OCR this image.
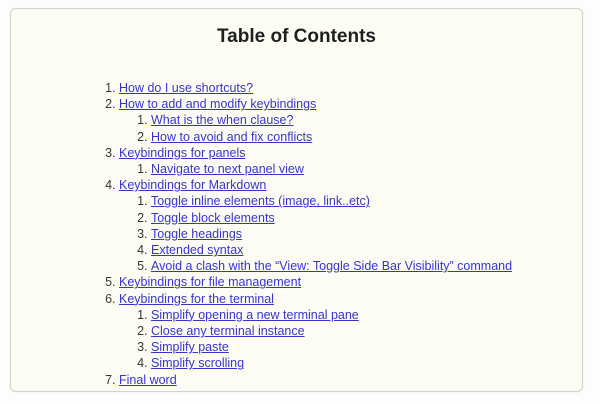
Table of Contents
1. How do I use shortcuts?
2. How to add and modify keybindings
1. What is the when clause?
2. How to avoid and fix conflicts
3. Keybindings for panels
1. Navigate to next panel view
4. Keybindings for Markdown
1. Toggle inline elements (image, link..etc)
2. Toggle block elements
3. Toggle headings
4. Extended syntax
5. Avoid a clash with the “View: Toggle Side Bar Visibility” command
5. Keybindings for file management
6. Keybindings for the terminal
1. Simplify opening a new terminal pane
2. Close any terminal instance
3. Simplify paste
4. Simplify scrolling
7. Final word
